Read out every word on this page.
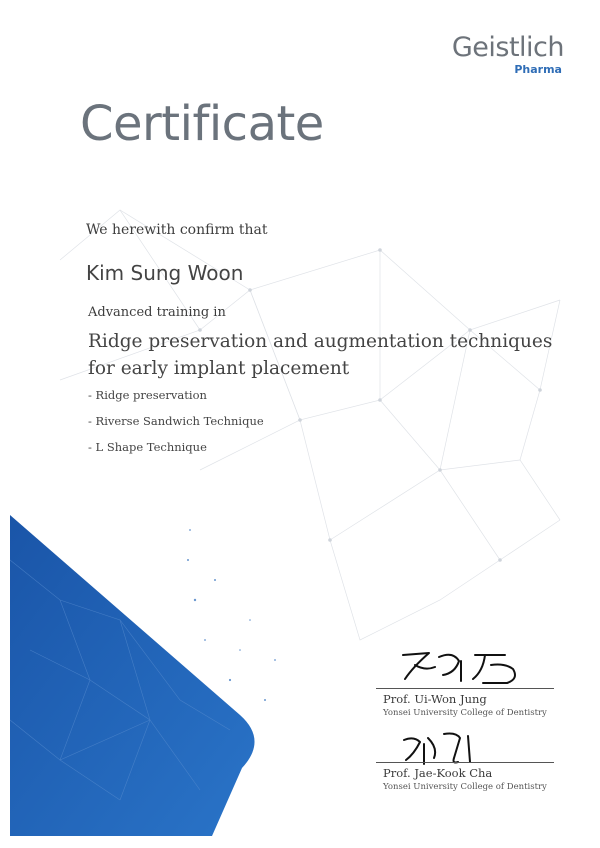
Geistlich
Pharma
Certificate
We herewith confirm that
Kim Sung Woon
Advanced training in
Ridge preservation and augmentation techniques
for early implant placement
- Ridge preservation
- Riverse Sandwich Technique
- L Shape Technique
Prof. Ui-Won Jung
Yonsei University College of Dentistry
Prof. Jae-Kook Cha
Yonsei University College of Dentistry
